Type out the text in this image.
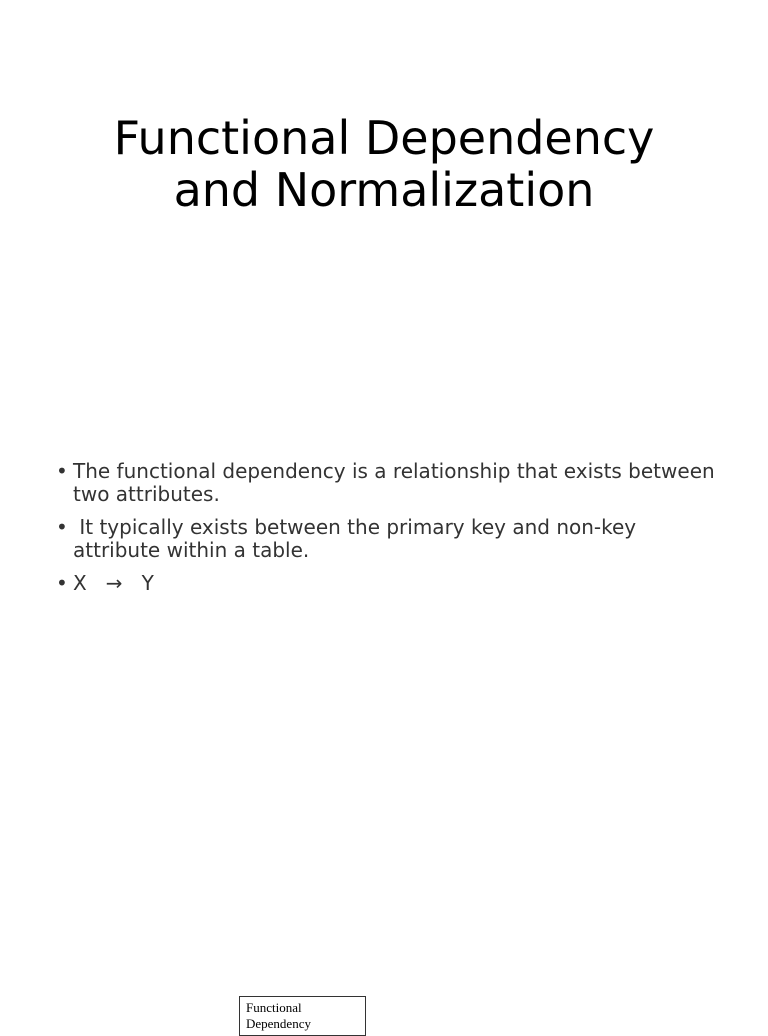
Functional Dependency
and Normalization
• The functional dependency is a relationship that exists between two attributes.
• It typically exists between the primary key and non-key attribute within a table.
• X   →   Y
Functional
Dependency
